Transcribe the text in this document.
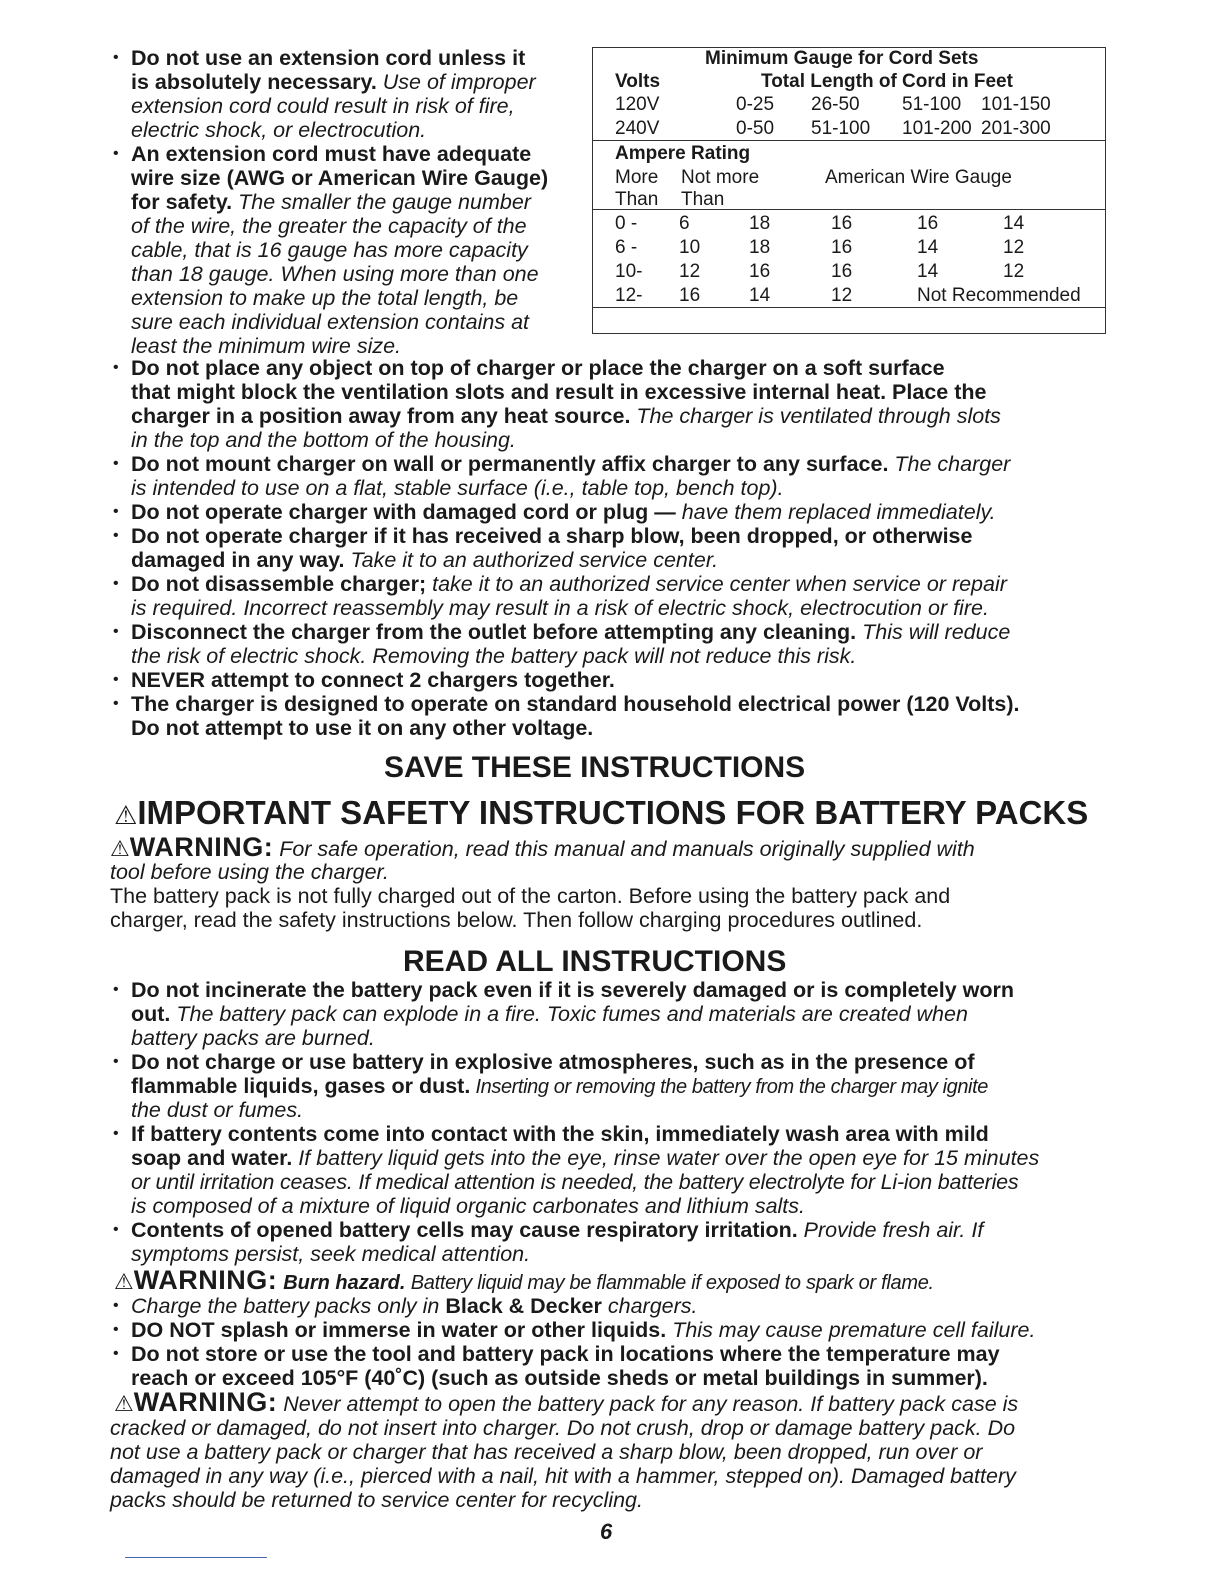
• Do not use an extension cord unless it
is absolutely necessary. Use of improper
extension cord could result in risk of fire,
electric shock, or electrocution.
• An extension cord must have adequate
wire size (AWG or American Wire Gauge)
for safety. The smaller the gauge number
of the wire, the greater the capacity of the
cable, that is 16 gauge has more capacity
than 18 gauge. When using more than one
extension to make up the total length, be
sure each individual extension contains at
least the minimum wire size.
Minimum Gauge for Cord Sets
Volts	Total Length of Cord in Feet
120V	0-25 26-50 51-100 101-150
240V	0-50 51-100 101-200 201-300
Ampere Rating
More Not more	American Wire Gauge
Than Than
0 - 6	18	16	16	14
6 - 10	18	16	14	12
10- 12	16	16	14	12
12- 16	14	12	Not Recommended
• Do not place any object on top of charger or place the charger on a soft surface
that might block the ventilation slots and result in excessive internal heat. Place the
charger in a position away from any heat source. The charger is ventilated through slots
in the top and the bottom of the housing.
• Do not mount charger on wall or permanently affix charger to any surface. The charger
is intended to use on a flat, stable surface (i.e., table top, bench top).
• Do not operate charger with damaged cord or plug — have them replaced immediately.
• Do not operate charger if it has received a sharp blow, been dropped, or otherwise
damaged in any way. Take it to an authorized service center.
• Do not disassemble charger; take it to an authorized service center when service or repair
is required. Incorrect reassembly may result in a risk of electric shock, electrocution or fire.
• Disconnect the charger from the outlet before attempting any cleaning. This will reduce
the risk of electric shock. Removing the battery pack will not reduce this risk.
• NEVER attempt to connect 2 chargers together.
• The charger is designed to operate on standard household electrical power (120 Volts).
Do not attempt to use it on any other voltage.
SAVE THESE INSTRUCTIONS
⚠IMPORTANT SAFETY INSTRUCTIONS FOR BATTERY PACKS
⚠WARNING: For safe operation, read this manual and manuals originally supplied with
tool before using the charger.
The battery pack is not fully charged out of the carton. Before using the battery pack and
charger, read the safety instructions below. Then follow charging procedures outlined.
READ ALL INSTRUCTIONS
• Do not incinerate the battery pack even if it is severely damaged or is completely worn
out. The battery pack can explode in a fire. Toxic fumes and materials are created when
battery packs are burned.
• Do not charge or use battery in explosive atmospheres, such as in the presence of
flammable liquids, gases or dust. Inserting or removing the battery from the charger may ignite
the dust or fumes.
• If battery contents come into contact with the skin, immediately wash area with mild
soap and water. If battery liquid gets into the eye, rinse water over the open eye for 15 minutes
or until irritation ceases. If medical attention is needed, the battery electrolyte for Li-ion batteries
is composed of a mixture of liquid organic carbonates and lithium salts.
• Contents of opened battery cells may cause respiratory irritation. Provide fresh air. If
symptoms persist, seek medical attention.
⚠WARNING: Burn hazard. Battery liquid may be flammable if exposed to spark or flame.
• Charge the battery packs only in Black & Decker chargers.
• DO NOT splash or immerse in water or other liquids. This may cause premature cell failure.
• Do not store or use the tool and battery pack in locations where the temperature may
reach or exceed 105°F (40˚C) (such as outside sheds or metal buildings in summer).
⚠WARNING: Never attempt to open the battery pack for any reason. If battery pack case is
cracked or damaged, do not insert into charger. Do not crush, drop or damage battery pack. Do
not use a battery pack or charger that has received a sharp blow, been dropped, run over or
damaged in any way (i.e., pierced with a nail, hit with a hammer, stepped on). Damaged battery
packs should be returned to service center for recycling.
6
